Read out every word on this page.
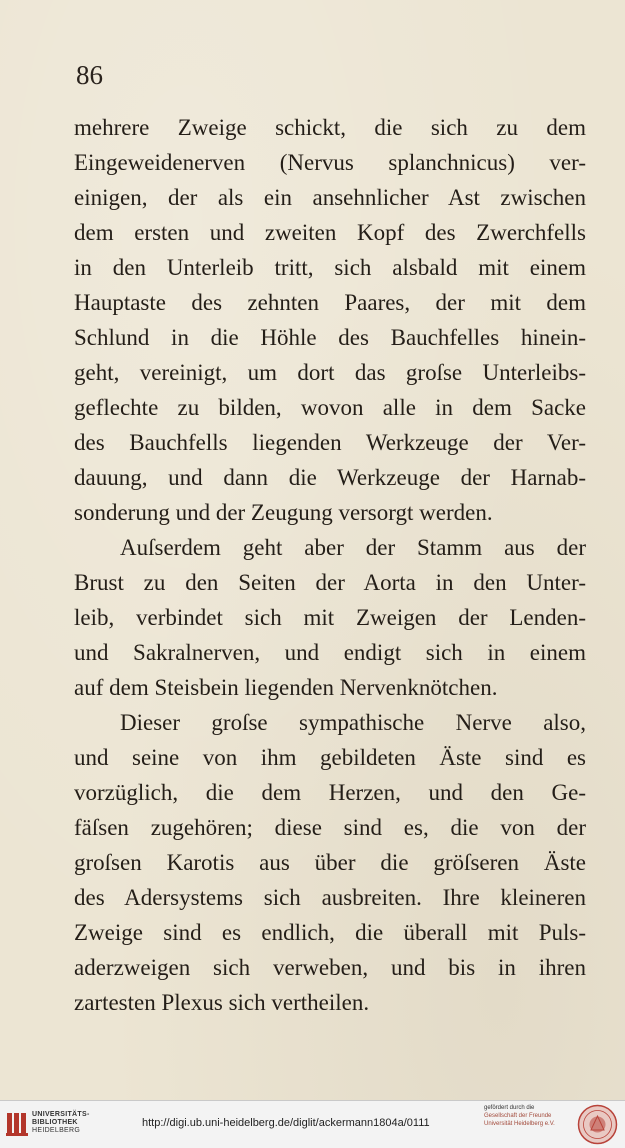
86
mehrere Zweige schickt, die sich zu dem
Eingeweidenerven (Nervus splanchnicus) ver-
einigen, der als ein ansehnlicher Ast zwischen
dem ersten und zweiten Kopf des Zwerchfells
in den Unterleib tritt, sich alsbald mit einem
Hauptaste des zehnten Paares, der mit dem
Schlund in die Höhle des Bauchfelles hinein-
geht, vereinigt, um dort das groſse Unterleibs-
geflechte zu bilden, wovon alle in dem Sacke
des Bauchfells liegenden Werkzeuge der Ver-
dauung, und dann die Werkzeuge der Harnab-
sonderung und der Zeugung versorgt werden.
Auſserdem geht aber der Stamm aus der
Brust zu den Seiten der Aorta in den Unter-
leib, verbindet sich mit Zweigen der Lenden-
und Sakralnerven, und endigt sich in einem
auf dem Steisbein liegenden Nervenknötchen.
Dieser groſse sympathische Nerve also,
und seine von ihm gebildeten Äste sind es
vorzüglich, die dem Herzen, und den Ge-
fäſsen zugehören; diese sind es, die von der
groſsen Karotis aus über die gröſseren Äste
des Adersystems sich ausbreiten. Ihre kleineren
Zweige sind es endlich, die überall mit Puls-
aderzweigen sich verweben, und bis in ihren
zartesten Plexus sich vertheilen.
UNIVERSITÄTS-
BIBLIOTHEK
HEIDELBERG
http://digi.ub.uni-heidelberg.de/diglit/ackermann1804a/0111
gefördert durch die
Gesellschaft der Freunde
Universität Heidelberg e.V.
